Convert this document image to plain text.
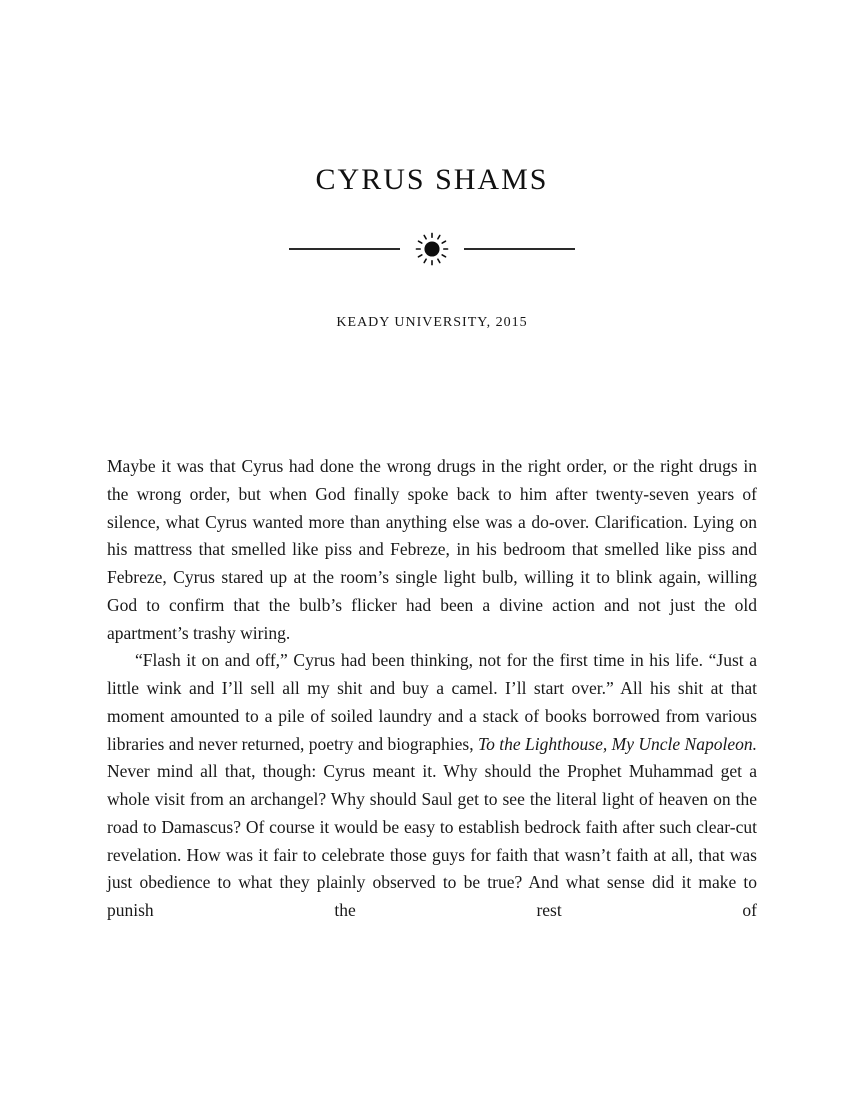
CYRUS SHAMS
KEADY UNIVERSITY, 2015

Maybe it was that Cyrus had done the wrong drugs in the right order, or the right drugs in the wrong order, but when God finally spoke back to him after twenty-seven years of silence, what Cyrus wanted more than anything else was a do-over. Clarification. Lying on his mattress that smelled like piss and Febreze, in his bedroom that smelled like piss and Febreze, Cyrus stared up at the room’s single light bulb, willing it to blink again, willing God to confirm that the bulb’s flicker had been a divine action and not just the old apartment’s trashy wiring.

“Flash it on and off,” Cyrus had been thinking, not for the first time in his life. “Just a little wink and I’ll sell all my shit and buy a camel. I’ll start over.” All his shit at that moment amounted to a pile of soiled laundry and a stack of books borrowed from various libraries and never returned, poetry and biographies, To the Lighthouse, My Uncle Napoleon. Never mind all that, though: Cyrus meant it. Why should the Prophet Muhammad get a whole visit from an archangel? Why should Saul get to see the literal light of heaven on the road to Damascus? Of course it would be easy to establish bedrock faith after such clear-cut revelation. How was it fair to celebrate those guys for faith that wasn’t faith at all, that was just obedience to what they plainly observed to be true? And what sense did it make to punish the rest of
